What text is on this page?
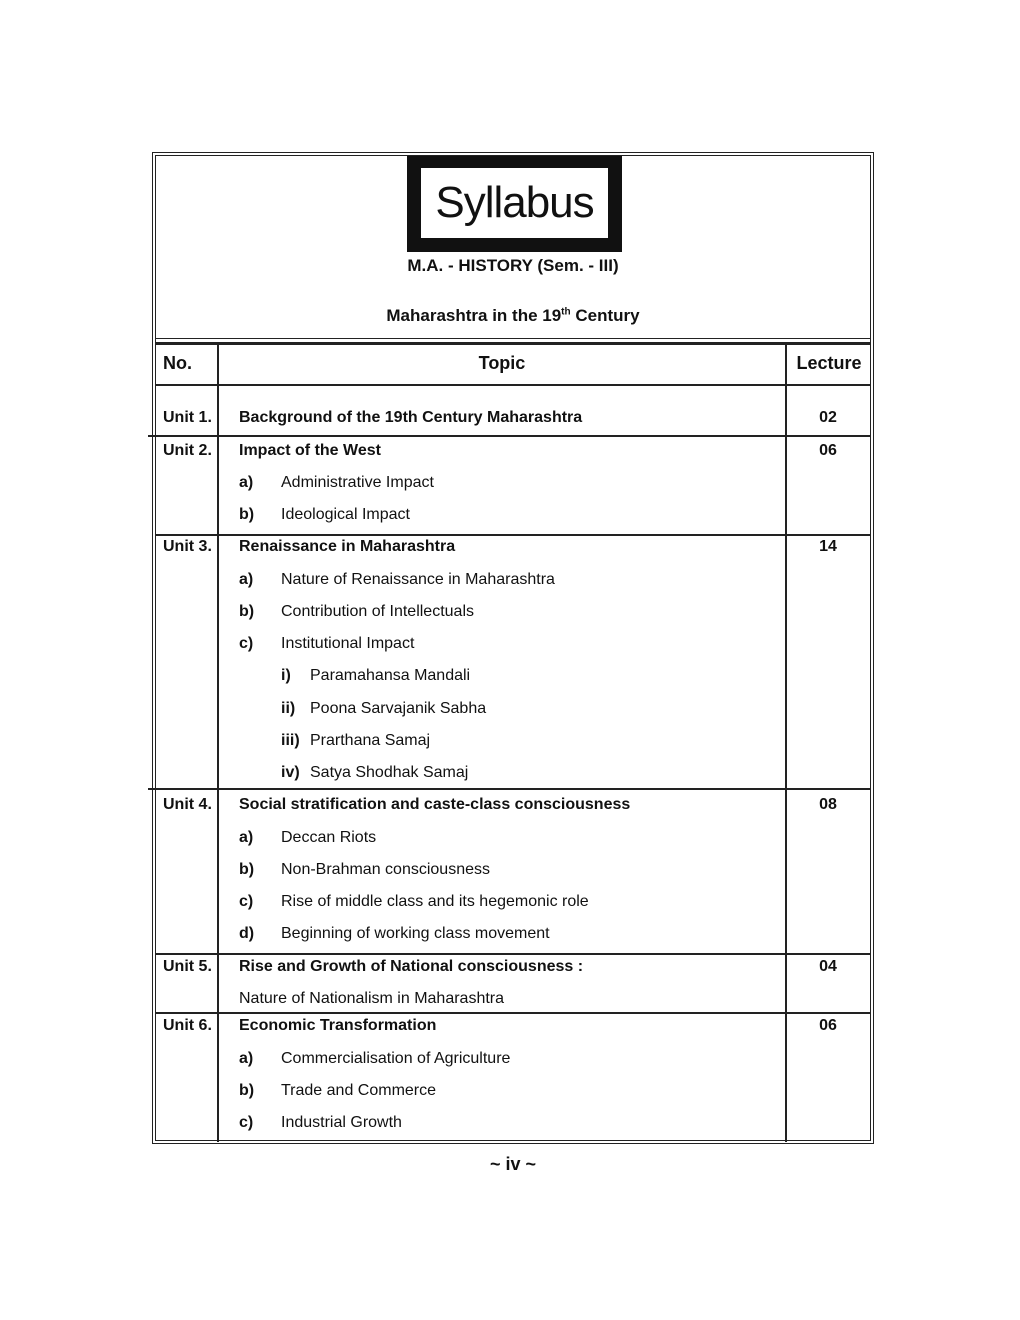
Syllabus
M.A. - HISTORY (Sem. - III)
Maharashtra in the 19th Century
No.	Topic	Lecture
Unit 1. Background of the 19th Century Maharashtra	02
Unit 2. Impact of the West	06
a) Administrative Impact
b) Ideological Impact
Unit 3. Renaissance in Maharashtra	14
a) Nature of Renaissance in Maharashtra
b) Contribution of Intellectuals
c) Institutional Impact
i) Paramahansa Mandali
ii) Poona Sarvajanik Sabha
iii) Prarthana Samaj
iv) Satya Shodhak Samaj
Unit 4. Social stratification and caste-class consciousness	08
a) Deccan Riots
b) Non-Brahman consciousness
c) Rise of middle class and its hegemonic role
d) Beginning of working class movement
Unit 5. Rise and Growth of National consciousness :	04
Nature of Nationalism in Maharashtra
Unit 6. Economic Transformation	06
a) Commercialisation of Agriculture
b) Trade and Commerce
c) Industrial Growth
~ iv ~
